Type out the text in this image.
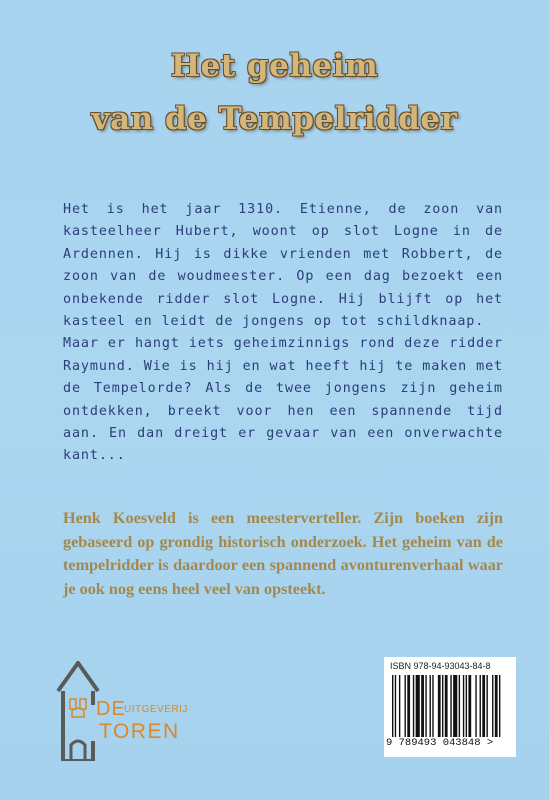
Het geheim
van de Tempelridder

Het is het jaar 1310. Etienne, de zoon van kasteelheer Hubert, woont op slot Logne in de Ardennen. Hij is dikke vrienden met Robbert, de zoon van de woudmeester. Op een dag bezoekt een onbekende ridder slot Logne. Hij blijft op het kasteel en leidt de jongens op tot schildknaap.

Maar er hangt iets geheimzinnigs rond deze ridder Raymund. Wie is hij en wat heeft hij te maken met de Tempelorde? Als de twee jongens zijn geheim ontdekken, breekt voor hen een spannende tijd aan. En dan dreigt er gevaar van een onverwachte kant...

Henk Koesveld is een meesterverteller. Zijn boeken zijn gebaseerd op grondig historisch onderzoek. Het geheim van de tempelridder is daardoor een spannend avonturenverhaal waar je ook nog eens heel veel van opsteekt.
DE
UITGEVERIJ
TOREN
ISBN 978-94-93043-84-8
9 789493 043848 >
